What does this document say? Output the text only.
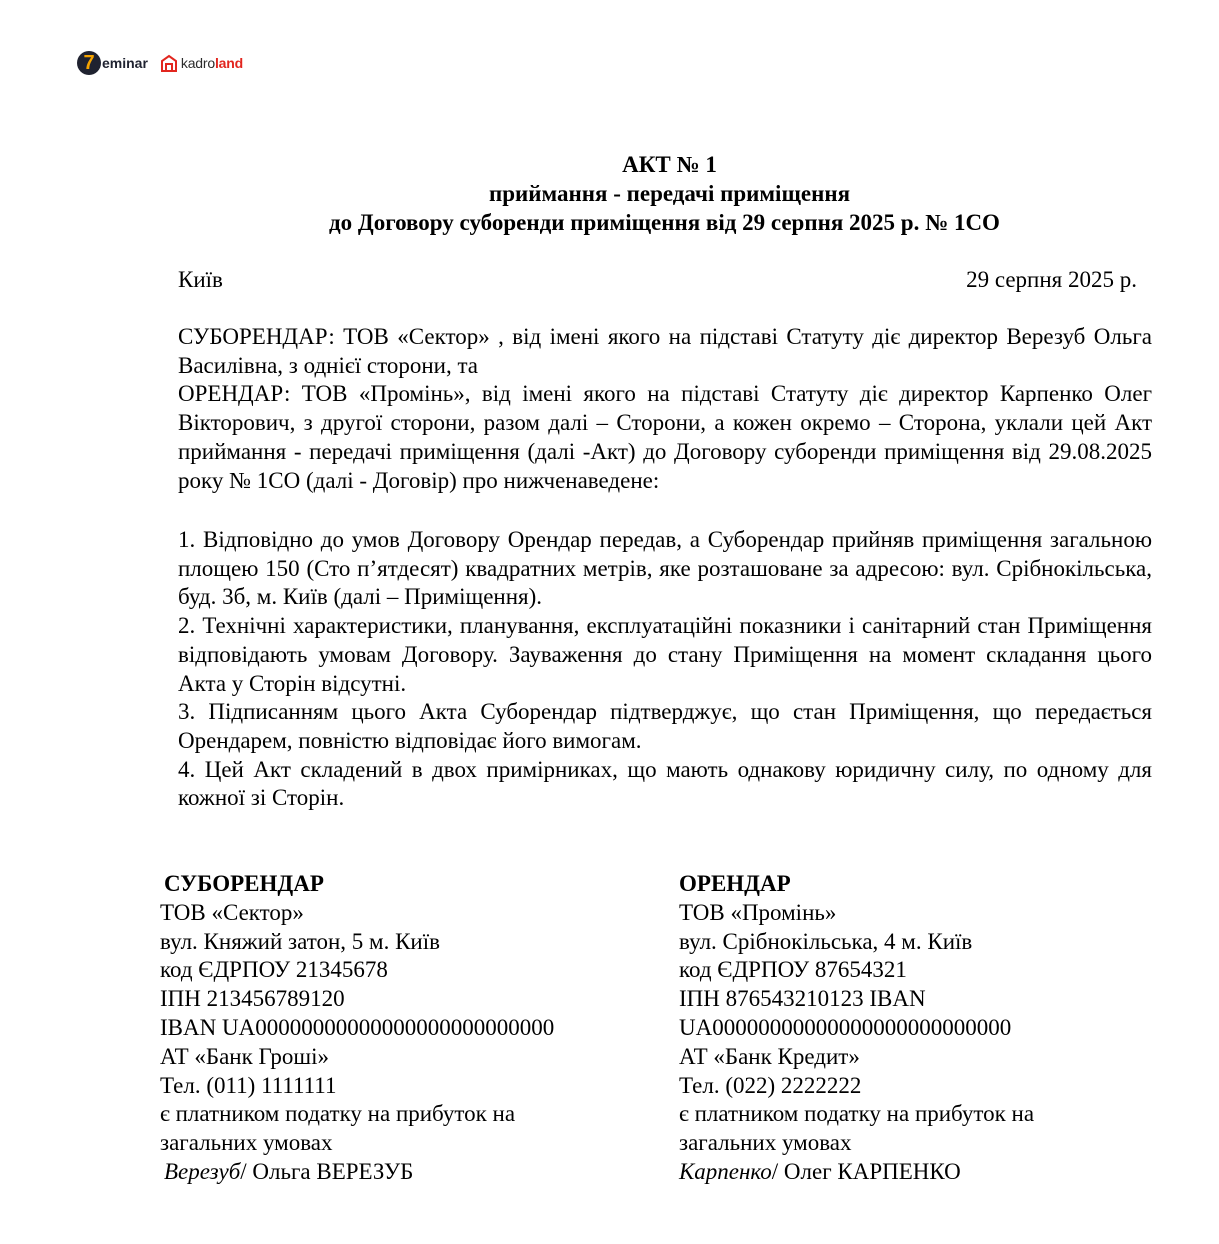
7 eminar kadroland
АКТ № 1
приймання - передачі приміщення
до Договору суборенди приміщення від 29 серпня 2025 р. № 1СО
Київ	29 серпня 2025 р.

СУБОРЕНДАР: ТОВ «Сектор» , від імені якого на підставі Статуту діє директор Верезуб Ольга Василівна, з однієї сторони, та

ОРЕНДАР: ТОВ «Промінь», від імені якого на підставі Статуту діє директор Карпенко Олег Вікторович, з другої сторони, разом далі – Сторони, а кожен окремо – Сторона, уклали цей Акт приймання - передачі приміщення (далі -Акт) до Договору суборенди приміщення від 29.08.2025 року № 1СО (далі - Договір) про нижченаведене:

1. Відповідно до умов Договору Орендар передав, а Суборендар прийняв приміщення загальною площею 150 (Сто п’ятдесят) квадратних метрів, яке розташоване за адресою: вул. Срібнокільська, буд. 3б, м. Київ (далі – Приміщення).

2. Технічні характеристики, планування, експлуатаційні показники і санітарний стан Приміщення відповідають умовам Договору. Зауваження до стану Приміщення на момент складання цього Акта у Сторін відсутні.

3. Підписанням цього Акта Суборендар підтверджує, що стан Приміщення, що передається Орендарем, повністю відповідає його вимогам.

4. Цей Акт складений в двох примірниках, що мають однакову юридичну силу, по одному для кожної зі Сторін.

СУБОРЕНДАР
ТОВ «Сектор»
вул. Княжий затон, 5 м. Київ
код ЄДРПОУ 21345678
ІПН 213456789120
IBAN UA00000000000000000000000000
АТ «Банк Гроші»
Тел. (011) 1111111
є платником податку на прибуток на
загальних умовах
Верезуб/ Ольга ВЕРЕЗУБ
ОРЕНДАР
ТОВ «Промінь»
вул. Срібнокільська, 4 м. Київ
код ЄДРПОУ 87654321
ІПН 876543210123 IBAN
UA00000000000000000000000000
АТ «Банк Кредит»
Тел. (022) 2222222
є платником податку на прибуток на
загальних умовах
Карпенко/ Олег КАРПЕНКО
